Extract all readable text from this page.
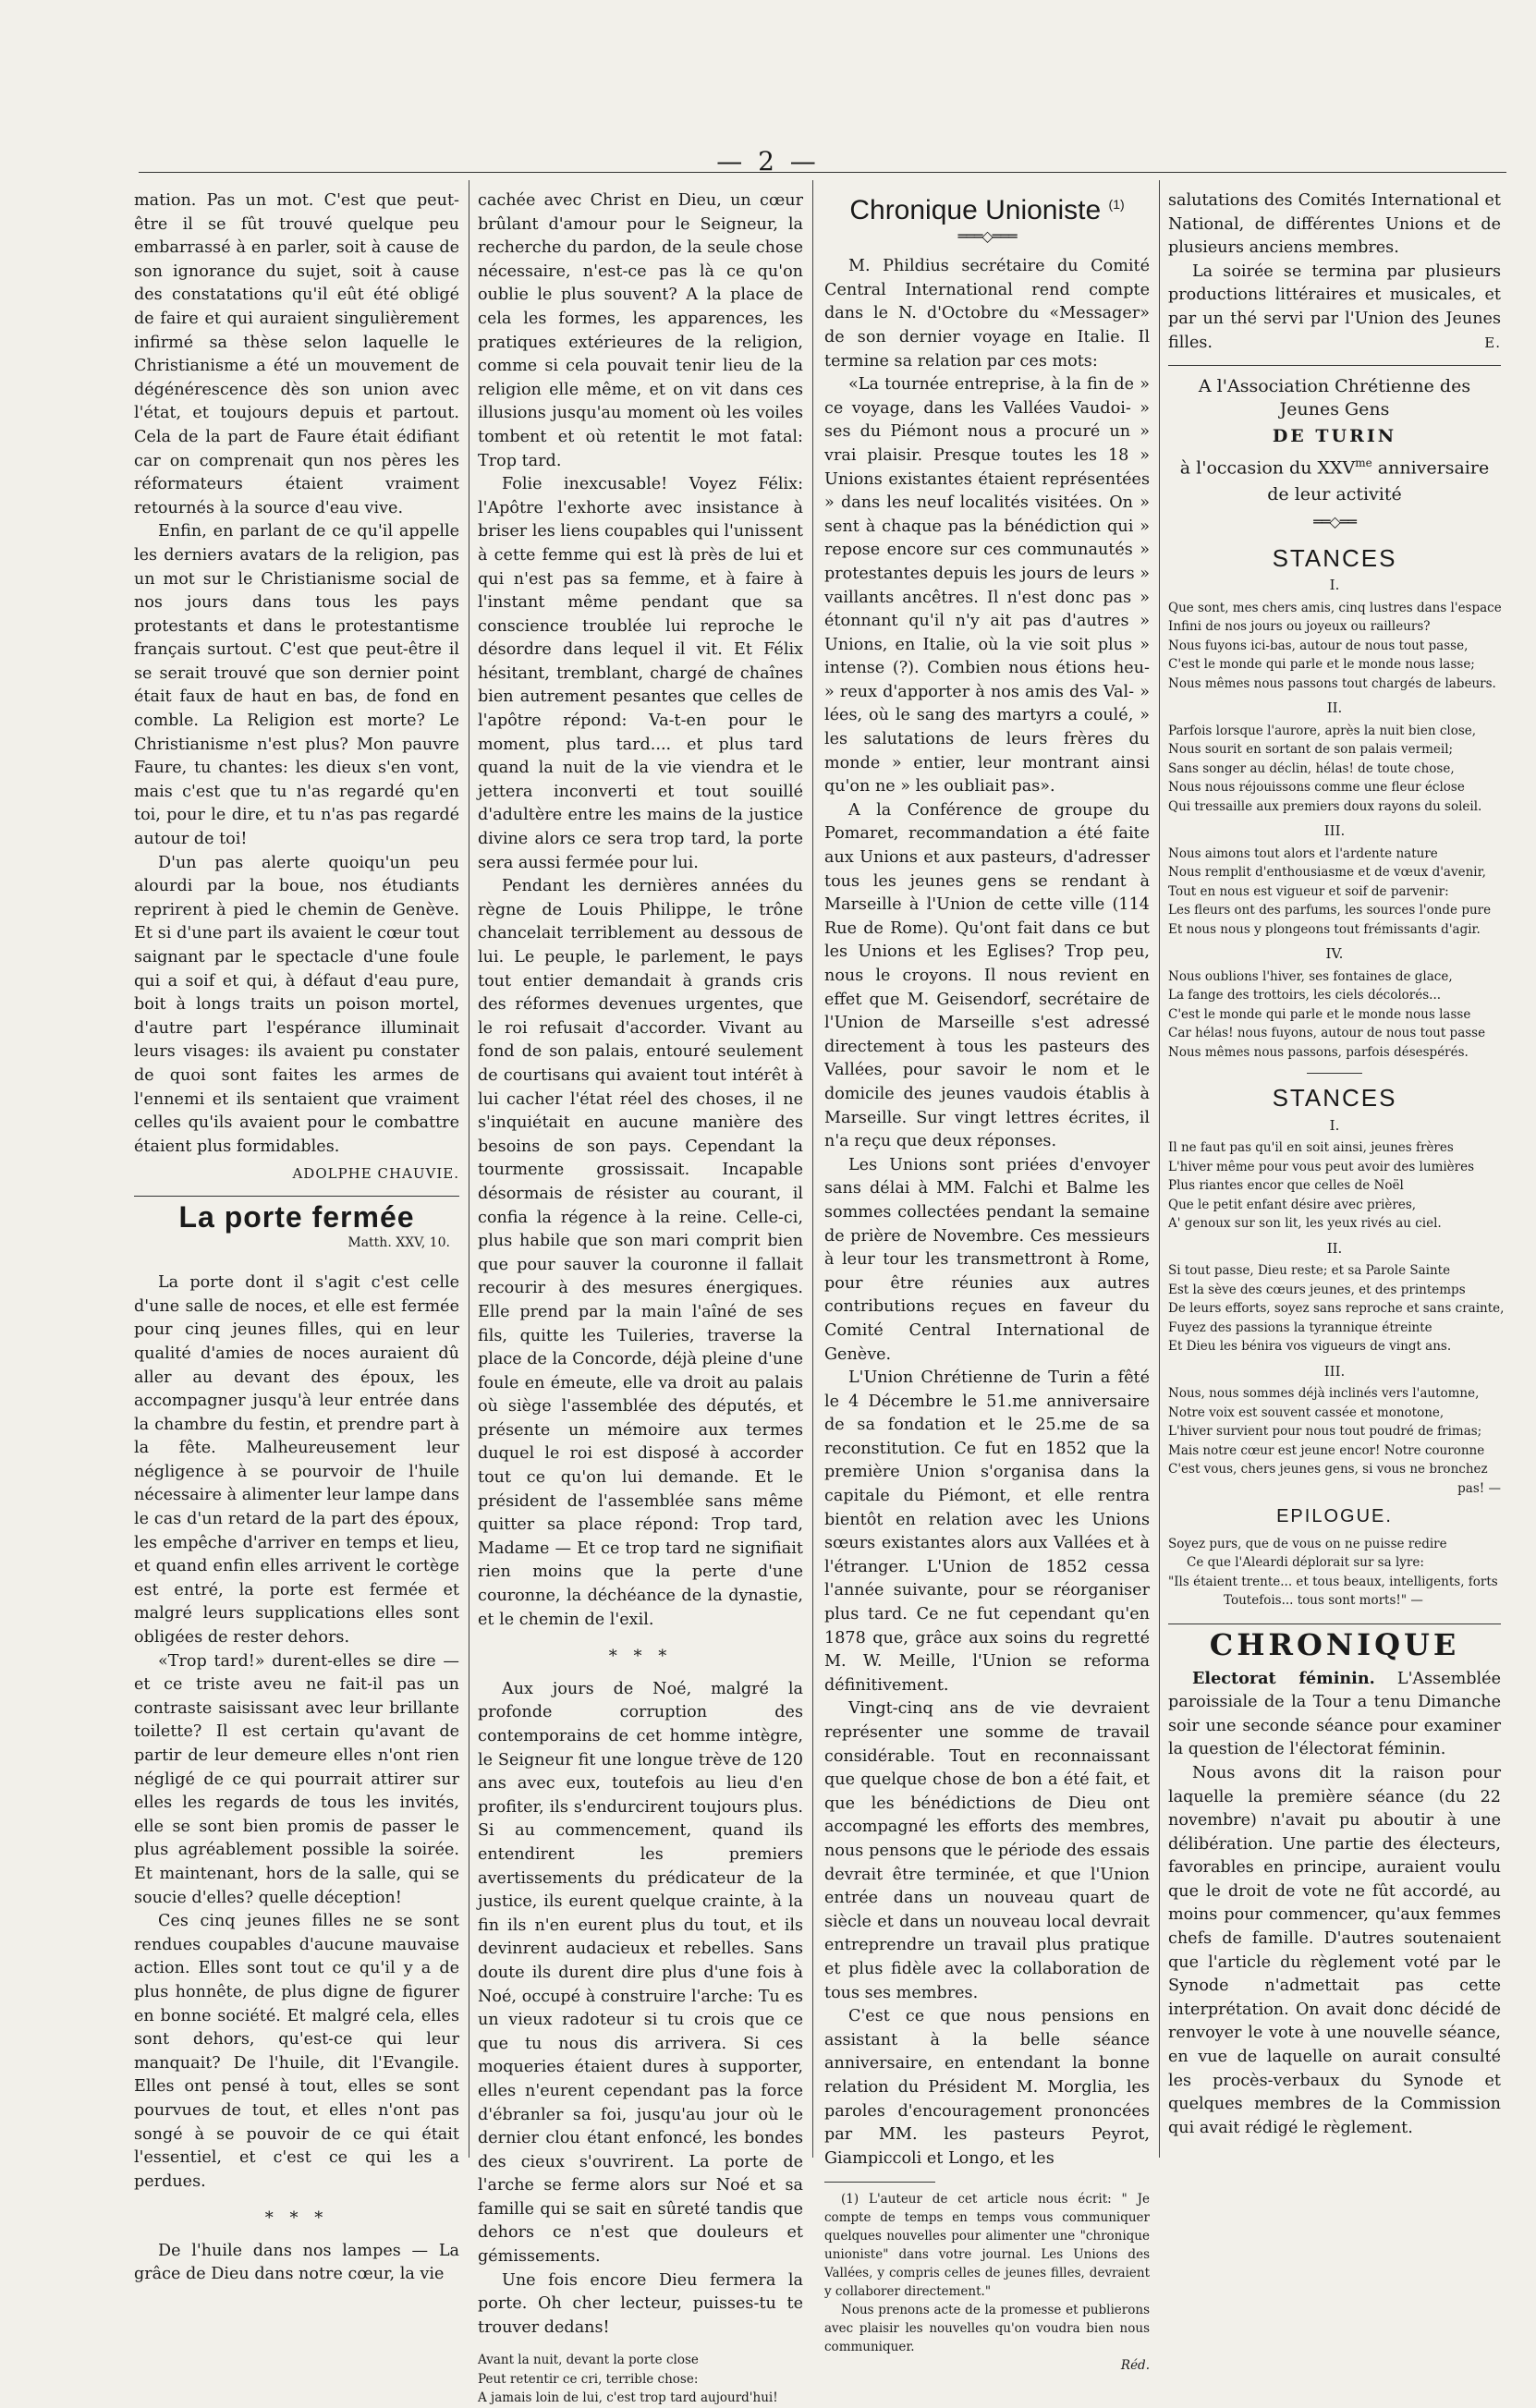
— 2 —

mation. Pas un mot. C'est que peut-être il se fût trouvé quelque peu embarrassé à en parler, soit à cause de son ignorance du sujet, soit à cause des constatations qu'il eût été obligé de faire et qui auraient singulièrement infirmé sa thèse selon laquelle le Christianisme a été un mouvement de dégénérescence dès son union avec l'état, et toujours depuis et partout. Cela de la part de Faure était édifiant car on comprenait qun nos pères les réformateurs étaient vraiment retournés à la source d'eau vive.

Enfin, en parlant de ce qu'il appelle les derniers avatars de la religion, pas un mot sur le Christianisme social de nos jours dans tous les pays protestants et dans le protestantisme français surtout. C'est que peut-être il se serait trouvé que son dernier point était faux de haut en bas, de fond en comble. La Religion est morte? Le Christianisme n'est plus? Mon pauvre Faure, tu chantes: les dieux s'en vont, mais c'est que tu n'as regardé qu'en toi, pour le dire, et tu n'as pas regardé autour de toi!

D'un pas alerte quoiqu'un peu alourdi par la boue, nos étudiants reprirent à pied le chemin de Genève. Et si d'une part ils avaient le cœur tout saignant par le spectacle d'une foule qui a soif et qui, à défaut d'eau pure, boit à longs traits un poison mortel, d'autre part l'espérance illuminait leurs visages: ils avaient pu constater de quoi sont faites les armes de l'ennemi et ils sentaient que vraiment celles qu'ils avaient pour le combattre étaient plus formidables.

ADOLPHE CHAUVIE.
La porte fermée
Matth. XXV, 10.

La porte dont il s'agit c'est celle d'une salle de noces, et elle est fermée pour cinq jeunes filles, qui en leur qualité d'amies de noces auraient dû aller au devant des époux, les accompagner jusqu'à leur entrée dans la chambre du festin, et prendre part à la fête. Malheureusement leur négligence à se pourvoir de l'huile nécessaire à alimenter leur lampe dans le cas d'un retard de la part des époux, les empêche d'arriver en temps et lieu, et quand enfin elles arrivent le cortège est entré, la porte est fermée et malgré leurs supplications elles sont obligées de rester dehors.

«Trop tard!» durent-elles se dire — et ce triste aveu ne fait-il pas un contraste saisissant avec leur brillante toilette? Il est certain qu'avant de partir de leur demeure elles n'ont rien négligé de ce qui pourrait attirer sur elles les regards de tous les invités, elle se sont bien promis de passer le plus agréablement possible la soirée. Et maintenant, hors de la salle, qui se soucie d'elles? quelle déception!

Ces cinq jeunes filles ne se sont rendues coupables d'aucune mauvaise action. Elles sont tout ce qu'il y a de plus honnête, de plus digne de figurer en bonne société. Et malgré cela, elles sont dehors, qu'est-ce qui leur manquait? De l'huile, dit l'Evangile. Elles ont pensé à tout, elles se sont pourvues de tout, et elles n'ont pas songé à se pouvoir de ce qui était l'essentiel, et c'est ce qui les a perdues.

* * *

De l'huile dans nos lampes — La grâce de Dieu dans notre cœur, la vie

cachée avec Christ en Dieu, un cœur brûlant d'amour pour le Seigneur, la recherche du pardon, de la seule chose nécessaire, n'est-ce pas là ce qu'on oublie le plus souvent? A la place de cela les formes, les apparences, les pratiques extérieures de la religion, comme si cela pouvait tenir lieu de la religion elle même, et on vit dans ces illusions jusqu'au moment où les voiles tombent et où retentit le mot fatal: Trop tard.

Folie inexcusable! Voyez Félix: l'Apôtre l'exhorte avec insistance à briser les liens coupables qui l'unissent à cette femme qui est là près de lui et qui n'est pas sa femme, et à faire à l'instant même pendant que sa conscience troublée lui reproche le désordre dans lequel il vit. Et Félix hésitant, tremblant, chargé de chaînes bien autrement pesantes que celles de l'apôtre répond: Va-t-en pour le moment, plus tard.... et plus tard quand la nuit de la vie viendra et le jettera inconverti et tout souillé d'adultère entre les mains de la justice divine alors ce sera trop tard, la porte sera aussi fermée pour lui.

Pendant les dernières années du règne de Louis Philippe, le trône chancelait terriblement au dessous de lui. Le peuple, le parlement, le pays tout entier demandait à grands cris des réformes devenues urgentes, que le roi refusait d'accorder. Vivant au fond de son palais, entouré seulement de courtisans qui avaient tout intérêt à lui cacher l'état réel des choses, il ne s'inquiétait en aucune manière des besoins de son pays. Cependant la tourmente grossissait. Incapable désormais de résister au courant, il confia la régence à la reine. Celle-ci, plus habile que son mari comprit bien que pour sauver la couronne il fallait recourir à des mesures énergiques. Elle prend par la main l'aîné de ses fils, quitte les Tuileries, traverse la place de la Concorde, déjà pleine d'une foule en émeute, elle va droit au palais où siège l'assemblée des députés, et présente un mémoire aux termes duquel le roi est disposé à accorder tout ce qu'on lui demande. Et le président de l'assemblée sans même quitter sa place répond: Trop tard, Madame — Et ce trop tard ne signifiait rien moins que la perte d'une couronne, la déchéance de la dynastie, et le chemin de l'exil.

* * *

Aux jours de Noé, malgré la profonde corruption des contemporains de cet homme intègre, le Seigneur fit une longue trève de 120 ans avec eux, toutefois au lieu d'en profiter, ils s'endurcirent toujours plus. Si au commencement, quand ils entendirent les premiers avertissements du prédicateur de la justice, ils eurent quelque crainte, à la fin ils n'en eurent plus du tout, et ils devinrent audacieux et rebelles. Sans doute ils durent dire plus d'une fois à Noé, occupé à construire l'arche: Tu es un vieux radoteur si tu crois que ce que tu nous dis arrivera. Si ces moqueries étaient dures à supporter, elles n'eurent cependant pas la force d'ébranler sa foi, jusqu'au jour où le dernier clou étant enfoncé, les bondes des cieux s'ouvrirent. La porte de l'arche se ferme alors sur Noé et sa famille qui se sait en sûreté tandis que dehors ce n'est que douleurs et gémissements.

Une fois encore Dieu fermera la porte. Oh cher lecteur, puisses-tu te trouver dedans!

Avant la nuit, devant la porte close
Peut retentir ce cri, terrible chose:
A jamais loin de lui, c'est trop tard aujourd'hui!
Chronique Unioniste $^{(1)}$
═══◇═══

M. Phildius secrétaire du Comité Central International rend compte dans le N. d'Octobre du «Messager» de son dernier voyage en Italie. Il termine sa relation par ces mots:

«La tournée entreprise, à la fin de » ce voyage, dans les Vallées Vaudoi- » ses du Piémont nous a procuré un » vrai plaisir. Presque toutes les 18 » Unions existantes étaient représentées » dans les neuf localités visitées. On » sent à chaque pas la bénédiction qui » repose encore sur ces communautés » protestantes depuis les jours de leurs » vaillants ancêtres. Il n'est donc pas » étonnant qu'il n'y ait pas d'autres » Unions, en Italie, où la vie soit plus » intense (?). Combien nous étions heu- » reux d'apporter à nos amis des Val- » lées, où le sang des martyrs a coulé, » les salutations de leurs frères du monde » entier, leur montrant ainsi qu'on ne » les oubliait pas».

A la Conférence de groupe du Pomaret, recommandation a été faite aux Unions et aux pasteurs, d'adresser tous les jeunes gens se rendant à Marseille à l'Union de cette ville (114 Rue de Rome). Qu'ont fait dans ce but les Unions et les Eglises? Trop peu, nous le croyons. Il nous revient en effet que M. Geisendorf, secrétaire de l'Union de Marseille s'est adressé directement à tous les pasteurs des Vallées, pour savoir le nom et le domicile des jeunes vaudois établis à Marseille. Sur vingt lettres écrites, il n'a reçu que deux réponses.

Les Unions sont priées d'envoyer sans délai à MM. Falchi et Balme les sommes collectées pendant la semaine de prière de Novembre. Ces messieurs à leur tour les transmettront à Rome, pour être réunies aux autres contributions reçues en faveur du Comité Central International de Genève.

L'Union Chrétienne de Turin a fêté le 4 Décembre le 51.me anniversaire de sa fondation et le 25.me de sa reconstitution. Ce fut en 1852 que la première Union s'organisa dans la capitale du Piémont, et elle rentra bientôt en relation avec les Unions sœurs existantes alors aux Vallées et à l'étranger. L'Union de 1852 cessa l'année suivante, pour se réorganiser plus tard. Ce ne fut cependant qu'en 1878 que, grâce aux soins du regretté M. W. Meille, l'Union se reforma définitivement.

Vingt-cinq ans de vie devraient représenter une somme de travail considérable. Tout en reconnaissant que quelque chose de bon a été fait, et que les bénédictions de Dieu ont accompagné les efforts des membres, nous pensons que le période des essais devrait être terminée, et que l'Union entrée dans un nouveau quart de siècle et dans un nouveau local devrait entreprendre un travail plus pratique et plus fidèle avec la collaboration de tous ses membres.

C'est ce que nous pensions en assistant à la belle séance anniversaire, en entendant la bonne relation du Président M. Morglia, les paroles d'encouragement prononcées par MM. les pasteurs Peyrot, Giampiccoli et Longo, et les

(1) L'auteur de cet article nous écrit: " Je compte de temps en temps vous communiquer quelques nouvelles pour alimenter une "chronique unioniste" dans votre journal. Les Unions des Vallées, y compris celles de jeunes filles, devraient y collaborer directement."

Nous prenons acte de la promesse et publierons avec plaisir les nouvelles qu'on voudra bien nous communiquer.

Réd.

salutations des Comités International et National, de différentes Unions et de plusieurs anciens membres.

La soirée se termina par plusieurs productions littéraires et musicales, et par un thé servi par l'Union des Jeunes filles.	E.
A l'Association Chrétienne des Jeunes Gens
DE TURIN
à l'occasion du $XXV^{me}$ anniversaire
de leur activité
══◇══
STANCES
I.
Que sont, mes chers amis, cinq lustres dans l'espace
Infini de nos jours ou joyeux ou railleurs?
Nous fuyons ici-bas, autour de nous tout passe,
C'est le monde qui parle et le monde nous lasse;
Nous mêmes nous passons tout chargés de labeurs.
II.
Parfois lorsque l'aurore, après la nuit bien close,
Nous sourit en sortant de son palais vermeil;
Sans songer au déclin, hélas! de toute chose,
Nous nous réjouissons comme une fleur éclose
Qui tressaille aux premiers doux rayons du soleil.
III.
Nous aimons tout alors et l'ardente nature
Nous remplit d'enthousiasme et de vœux d'avenir,
Tout en nous est vigueur et soif de parvenir:
Les fleurs ont des parfums, les sources l'onde pure
Et nous nous y plongeons tout frémissants d'agir.
IV.
Nous oublions l'hiver, ses fontaines de glace,
La fange des trottoirs, les ciels décolorés...
C'est le monde qui parle et le monde nous lasse
Car hélas! nous fuyons, autour de nous tout passe
Nous mêmes nous passons, parfois désespérés.
STANCES
I.
Il ne faut pas qu'il en soit ainsi, jeunes frères
L'hiver même pour vous peut avoir des lumières
Plus riantes encor que celles de Noël
Que le petit enfant désire avec prières,
A' genoux sur son lit, les yeux rivés au ciel.
II.
Si tout passe, Dieu reste; et sa Parole Sainte
Est la sève des cœurs jeunes, et des printemps
De leurs efforts, soyez sans reproche et sans crainte,
Fuyez des passions la tyrannique étreinte
Et Dieu les bénira vos vigueurs de vingt ans.
III.
Nous, nous sommes déjà inclinés vers l'automne,
Notre voix est souvent cassée et monotone,
L'hiver survient pour nous tout poudré de frimas;
Mais notre cœur est jeune encor! Notre couronne
C'est vous, chers jeunes gens, si vous ne bronchez
pas! —
EPILOGUE.
Soyez purs, que de vous on ne puisse redire
Ce que l'Aleardi déplorait sur sa lyre:
"Ils étaient trente... et tous beaux, intelligents, forts
Toutefois... tous sont morts!" —
CHRONIQUE

Electorat féminin. L'Assemblée paroissiale de la Tour a tenu Dimanche soir une seconde séance pour examiner la question de l'électorat féminin.

Nous avons dit la raison pour laquelle la première séance (du 22 novembre) n'avait pu aboutir à une délibération. Une partie des électeurs, favorables en principe, auraient voulu que le droit de vote ne fût accordé, au moins pour commencer, qu'aux femmes chefs de famille. D'autres soutenaient que l'article du règlement voté par le Synode n'admettait pas cette interprétation. On avait donc décidé de renvoyer le vote à une nouvelle séance, en vue de laquelle on aurait consulté les procès-verbaux du Synode et quelques membres de la Commission qui avait rédigé le règlement.
